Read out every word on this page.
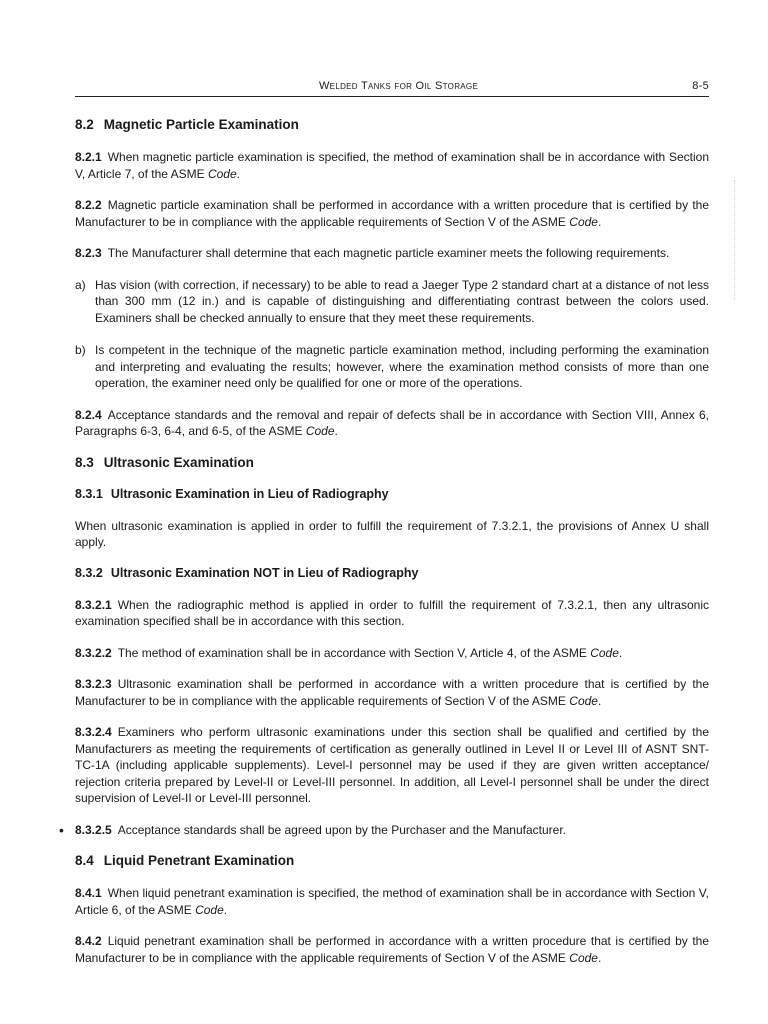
Welded Tanks for Oil Storage	8-5
8.2 Magnetic Particle Examination

8.2.1 When magnetic particle examination is specified, the method of examination shall be in accordance with Section V, Article 7, of the ASME Code.

8.2.2 Magnetic particle examination shall be performed in accordance with a written procedure that is certified by the Manufacturer to be in compliance with the applicable requirements of Section V of the ASME Code.

8.2.3 The Manufacturer shall determine that each magnetic particle examiner meets the following requirements.

a) Has vision (with correction, if necessary) to be able to read a Jaeger Type 2 standard chart at a distance of not less than 300 mm (12 in.) and is capable of distinguishing and differentiating contrast between the colors used. Examiners shall be checked annually to ensure that they meet these requirements.
b) Is competent in the technique of the magnetic particle examination method, including performing the examination and interpreting and evaluating the results; however, where the examination method consists of more than one operation, the examiner need only be qualified for one or more of the operations.

8.2.4 Acceptance standards and the removal and repair of defects shall be in accordance with Section VIII, Annex 6, Paragraphs 6-3, 6-4, and 6-5, of the ASME Code.

8.3 Ultrasonic Examination
8.3.1 Ultrasonic Examination in Lieu of Radiography

When ultrasonic examination is applied in order to fulfill the requirement of 7.3.2.1, the provisions of Annex U shall apply.

8.3.2 Ultrasonic Examination NOT in Lieu of Radiography

8.3.2.1 When the radiographic method is applied in order to fulfill the requirement of 7.3.2.1, then any ultrasonic examination specified shall be in accordance with this section.

8.3.2.2 The method of examination shall be in accordance with Section V, Article 4, of the ASME Code.

8.3.2.3 Ultrasonic examination shall be performed in accordance with a written procedure that is certified by the Manufacturer to be in compliance with the applicable requirements of Section V of the ASME Code.

8.3.2.4 Examiners who perform ultrasonic examinations under this section shall be qualified and certified by the Manufacturers as meeting the requirements of certification as generally outlined in Level II or Level III of ASNT SNT-TC-1A (including applicable supplements). Level-I personnel may be used if they are given written acceptance/ rejection criteria prepared by Level-II or Level-III personnel. In addition, all Level-I personnel shall be under the direct supervision of Level-II or Level-III personnel.

• 8.3.2.5 Acceptance standards shall be agreed upon by the Purchaser and the Manufacturer.

8.4 Liquid Penetrant Examination

8.4.1 When liquid penetrant examination is specified, the method of examination shall be in accordance with Section V, Article 6, of the ASME Code.

8.4.2 Liquid penetrant examination shall be performed in accordance with a written procedure that is certified by the Manufacturer to be in compliance with the applicable requirements of Section V of the ASME Code.
